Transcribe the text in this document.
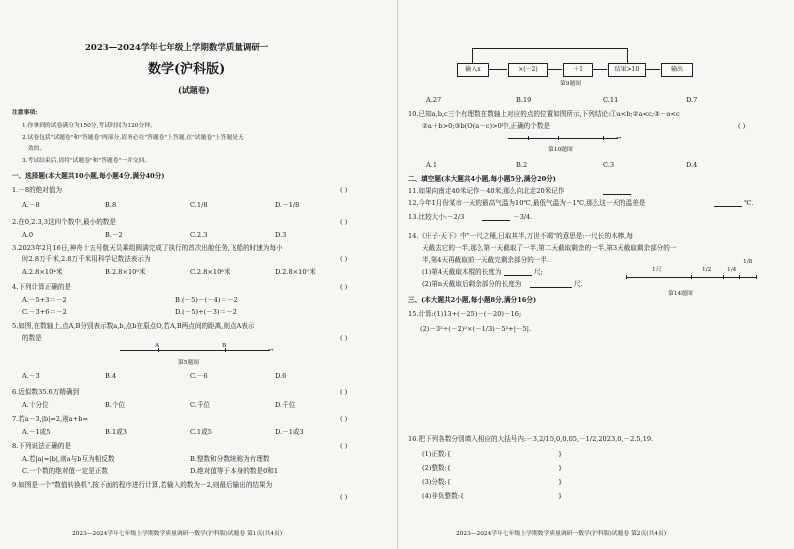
2023—2024学年七年级上学期数学质量调研一
数学(沪科版)
(试题卷)
注意事项:
1.你拿到的试卷满分为150分,考试时间为120分钟。
2.试卷包括"试题卷"和"答题卷"两部分,请务必在"答题卷"上答题,在"试题卷"上答题是无
效的。
3.考试结束后,请将"试题卷"和"答题卷"一并交回。
一、选择题(本大题共10小题,每小题4分,满分40分)
1.－8的绝对值为	( )
A.－8	B.8	C.1/8	D.－1/8
2.在0,2.3,3这四个数中,最小的数是	( )
A.0	B.－2	C.2.3	D.3
3.2023年2月16日,神舟十五号航天员乘组圆满完成了执行的首次出舱任务,飞船的时速为每小
时2.8万千米,2.8万千米用科学记数法表示为	( )
A.2.8×10⁴米	B.2.8×10⁵米	C.2.8×10⁶米	D.2.8×10⁷米
4.下列计算正确的是	( )
A.－5+3＝－2	B.(－5)－(－4)＝－2
C.－3+6＝－2	D.(－5)+(－3)＝－2
5.如图,在数轴上,点A,B分别表示数a,b,点b在原点O,若A,B两点间的距离,则点A表示
的数是	( )
→
A	B
第5题图
A.－3	B.4	C.－6	D.6
6.近似数35.6万精确到	( )
A.十分位	B.个位	C.千位	D.千位
7.若a－3,|b|=2,则a+b=	( )
A.－1或5	B.1或3	C.1或5	D.－1或3
8.下列说法正确的是	( )
A.若|a|=|b|,则a与b互为相反数	B.整数和分数统称为有理数
C.一个数的绝对值一定是正数	D.绝对值等于本身的数是0和1
9.如图是一个"数值转换机",按下面的程序进行计算,若输入的数为－2,则最后输出的结果为
( )
2023—2024学年七年级上学期数学质量调研一数学(沪科版)试题卷 第1页(共4页)
输入x	×(－2)	＋1	结果>10	输出
第9题图
A.27	B.19	C.11	D.7
10.已知a,b,c三个有理数在数轴上对应的点的位置如图所示,下列结论:①a<b;②a<c;③－a<c
②a＋b>0;③b(O(a－c)>0中,正确的个数是	( )
→
第10题图
A.1	B.2	C.3	D.4
二、填空题(本大题共4小题,每小题5分,满分20分)
11.如果向南走40米记作－40米,那么向北走20米记作
12.今年1月份某市一天的最高气温为10℃,最低气温为－1℃,那么这一天的温差是	℃.
13.比较大小:－2/3	－3/4.
14.《庄子·天下》中"一尺之棰,日取其半,万世不竭"的意思是:一尺长的木棒,每
天截去它的一半,那么第一天截取了一半,第二天截取剩余的一半,第3天截取剩余部分的一
半,第4天再截取前一天截完剩余部分的一半.
(1)第4天截取木棍的长度为	尺;
(2)第n天截取后剩余部分的长度为	尺.
1尺	1/2	1/4
1/8
第14题图
三、(本大题共2小题,每小题8分,满分16分)
15.计算:(1)13+(－25)－(－20)－16;
(2)－3²÷(－2)²×(－1/3)－5²+|－5|.
16.把下列各数分别填入相应的大括号内:－3,2/15,0,0.05,－1/2,2023,0,－2.5,19.
(1)正数:{	}
(2)整数:{	}
(3)分数:{	}
(4)非负整数:{	}
2023—2024学年七年级上学期数学质量调研一数学(沪科版)试题卷 第2页(共4页)
